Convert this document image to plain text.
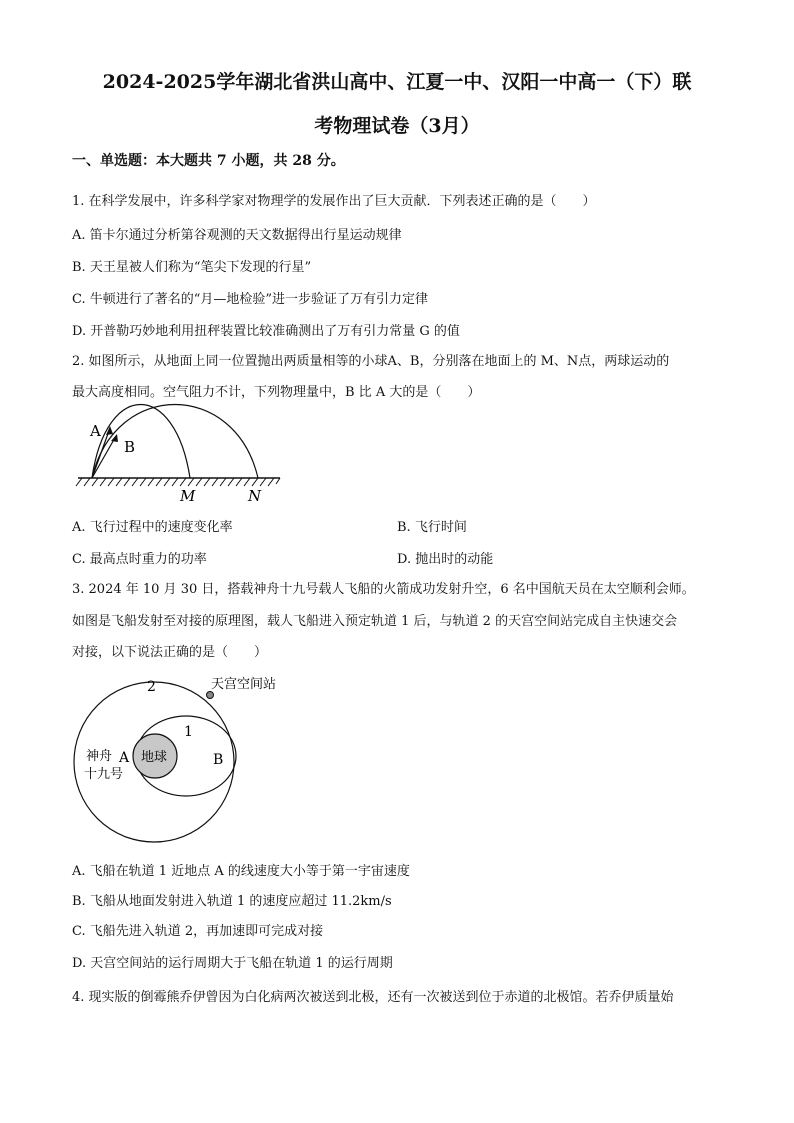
2024-2025学年湖北省洪山高中、江夏一中、汉阳一中高一（下）联
考物理试卷（3月）
一、单选题：本大题共 7 小题，共 28 分。
1. 在科学发展中，许多科学家对物理学的发展作出了巨大贡献．下列表述正确的是（　　）
A. 笛卡尔通过分析第谷观测的天文数据得出行星运动规律
B. 天王星被人们称为“笔尖下发现的行星”
C. 牛顿进行了著名的“月—地检验”进一步验证了万有引力定律
D. 开普勒巧妙地利用扭秤装置比较准确测出了万有引力常量 G 的值
2. 如图所示，从地面上同一位置抛出两质量相等的小球A、B，分别落在地面上的 M、N点，两球运动的
最大高度相同。空气阻力不计，下列物理量中，B 比 A 大的是（　　）
A
B
M	N
A. 飞行过程中的速度变化率	B. 飞行时间
C. 最高点时重力的功率	D. 抛出时的动能
3. 2024 年 10 月 30 日，搭载神舟十九号载人飞船的火箭成功发射升空，6 名中国航天员在太空顺利会师。
如图是飞船发射至对接的原理图，载人飞船进入预定轨道 1 后，与轨道 2 的天宫空间站完成自主快速交会
对接，以下说法正确的是（　　）
2
1
天宫空间站
地球
神舟
十九号
A	B
A. 飞船在轨道 1 近地点 A 的线速度大小等于第一宇宙速度
B. 飞船从地面发射进入轨道 1 的速度应超过 11.2km/s
C. 飞船先进入轨道 2，再加速即可完成对接
D. 天宫空间站的运行周期大于飞船在轨道 1 的运行周期
4. 现实版的倒霉熊乔伊曾因为白化病两次被送到北极，还有一次被送到位于赤道的北极馆。若乔伊质量始
